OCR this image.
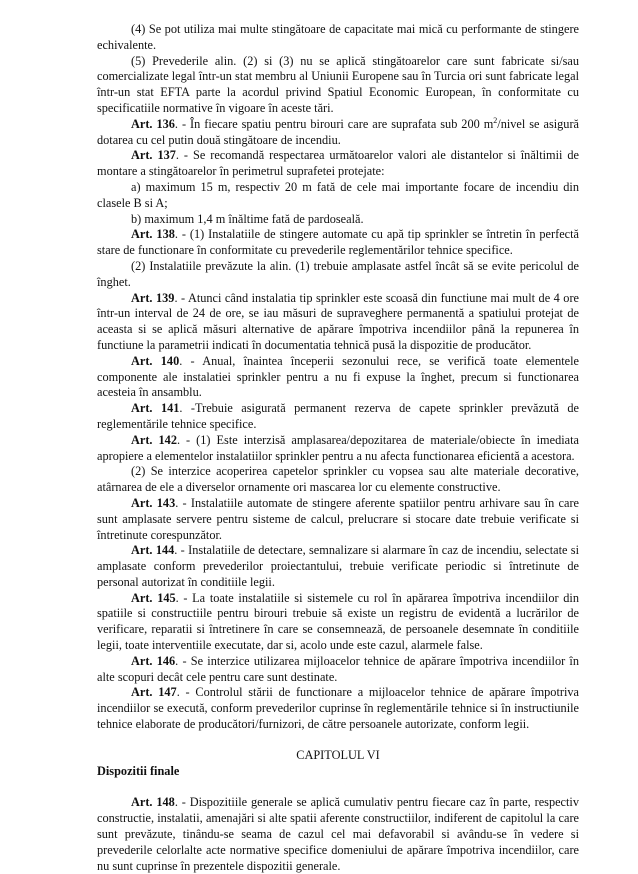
(4) Se pot utiliza mai multe stingătoare de capacitate mai mică cu performante de stingere echivalente.

(5) Prevederile alin. (2) si (3) nu se aplică stingătoarelor care sunt fabricate si/sau comercializate legal într-un stat membru al Uniunii Europene sau în Turcia ori sunt fabricate legal într-un stat EFTA parte la acordul privind Spatiul Economic European, în conformitate cu specificatiile normative în vigoare în aceste tări.

Art. 136. - În fiecare spatiu pentru birouri care are suprafata sub 200 $m^2$/nivel se asigură dotarea cu cel putin două stingătoare de incendiu.

Art. 137. - Se recomandă respectarea următoarelor valori ale distantelor si înăltimii de montare a stingătoarelor în perimetrul suprafetei protejate:

a) maximum 15 m, respectiv 20 m fată de cele mai importante focare de incendiu din clasele B si A;

b) maximum 1,4 m înăltime fată de pardoseală.

Art. 138. - (1) Instalatiile de stingere automate cu apă tip sprinkler se întretin în perfectă stare de functionare în conformitate cu prevederile reglementărilor tehnice specifice.

(2) Instalatiile prevăzute la alin. (1) trebuie amplasate astfel încât să se evite pericolul de înghet.

Art. 139. - Atunci când instalatia tip sprinkler este scoasă din functiune mai mult de 4 ore într-un interval de 24 de ore, se iau măsuri de supraveghere permanentă a spatiului protejat de aceasta si se aplică măsuri alternative de apărare împotriva incendiilor până la repunerea în functiune la parametrii indicati în documentatia tehnică pusă la dispozitie de producător.

Art. 140. - Anual, înaintea începerii sezonului rece, se verifică toate elementele componente ale instalatiei sprinkler pentru a nu fi expuse la înghet, precum si functionarea acesteia în ansamblu.

Art. 141. -Trebuie asigurată permanent rezerva de capete sprinkler prevăzută de reglementările tehnice specifice.

Art. 142. - (1) Este interzisă amplasarea/depozitarea de materiale/obiecte în imediata apropiere a elementelor instalatiilor sprinkler pentru a nu afecta functionarea eficientă a acestora.

(2) Se interzice acoperirea capetelor sprinkler cu vopsea sau alte materiale decorative, atârnarea de ele a diverselor ornamente ori mascarea lor cu elemente constructive.

Art. 143. - Instalatiile automate de stingere aferente spatiilor pentru arhivare sau în care sunt amplasate servere pentru sisteme de calcul, prelucrare si stocare date trebuie verificate si întretinute corespunzător.

Art. 144. - Instalatiile de detectare, semnalizare si alarmare în caz de incendiu, selectate si amplasate conform prevederilor proiectantului, trebuie verificate periodic si întretinute de personal autorizat în conditiile legii.

Art. 145. - La toate instalatiile si sistemele cu rol în apărarea împotriva incendiilor din spatiile si constructiile pentru birouri trebuie să existe un registru de evidentă a lucrărilor de verificare, reparatii si întretinere în care se consemnează, de persoanele desemnate în conditiile legii, toate interventiile executate, dar si, acolo unde este cazul, alarmele false.

Art. 146. - Se interzice utilizarea mijloacelor tehnice de apărare împotriva incendiilor în alte scopuri decât cele pentru care sunt destinate.

Art. 147. - Controlul stării de functionare a mijloacelor tehnice de apărare împotriva incendiilor se execută, conform prevederilor cuprinse în reglementările tehnice si în instructiunile tehnice elaborate de producători/furnizori, de către persoanele autorizate, conform legii.

CAPITOLUL VI

Dispozitii finale

Art. 148. - Dispozitiile generale se aplică cumulativ pentru fiecare caz în parte, respectiv constructie, instalatii, amenajări si alte spatii aferente constructiilor, indiferent de capitolul la care sunt prevăzute, tinându-se seama de cazul cel mai defavorabil si avându-se în vedere si prevederile celorlalte acte normative specifice domeniului de apărare împotriva incendiilor, care nu sunt cuprinse în prezentele dispozitii generale.
